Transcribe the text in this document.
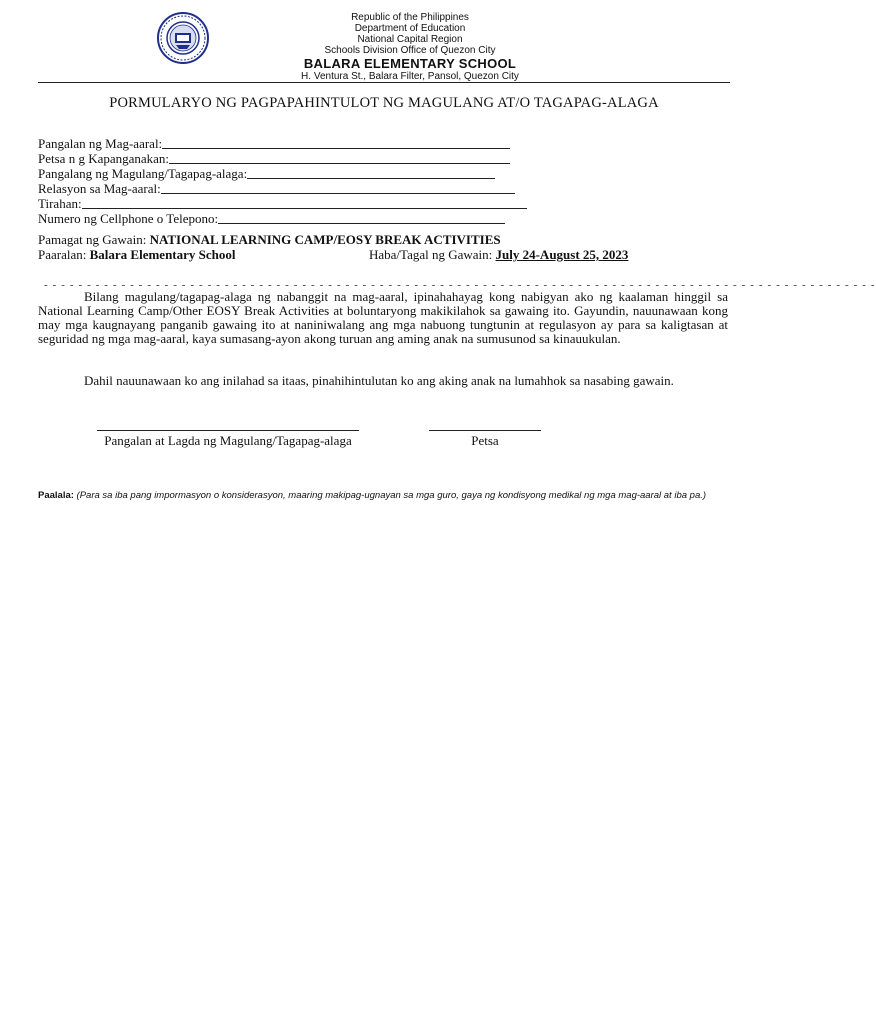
Republic of the Philippines
Department of Education
National Capital Region
Schools Division Office of Quezon City
BALARA ELEMENTARY SCHOOL
H. Ventura St., Balara Filter, Pansol, Quezon City
PORMULARYO NG PAGPAPAHINTULOT NG MAGULANG AT/O TAGAPAG-ALAGA
Pangalan ng Mag-aaral:
Petsa n g Kapanganakan:
Pangalang ng Magulang/Tagapag-alaga:
Relasyon sa Mag-aaral:
Tirahan:
Numero ng Cellphone o Telepono:
Pamagat ng Gawain: NATIONAL LEARNING CAMP/EOSY BREAK ACTIVITIES
Paaralan: Balara Elementary School	Haba/Tagal ng Gawain: July 24-August 25, 2023
- - - - - - - - - - - - - - - - - - - - - - - - - - - - - - - - - - - - - - - - - - - - - - - - - - - - - - - - - - - - - - - - - - - - - - - - - - - - - - - - - - - - - - - - - - - - - - - - -
Bilang magulang/tagapag-alaga ng nabanggit na mag-aaral, ipinahahayag kong nabigyan ako ng kaalaman hinggil sa National Learning Camp/Other EOSY Break Activities at boluntaryong makikilahok sa gawaing ito. Gayundin, nauunawaan kong may mga kaugnayang panganib gawaing ito at naniniwalang ang mga nabuong tungtunin at regulasyon ay para sa kaligtasan at seguridad ng mga mag-aaral, kaya sumasang-ayon akong turuan ang aming anak na sumusunod sa kinauukulan.
Dahil nauunawaan ko ang inilahad sa itaas, pinahihintulutan ko ang aking anak na lumahhok sa nasabing gawain.
Pangalan at Lagda ng Magulang/Tagapag-alaga	Petsa
Paalala: (Para sa iba pang impormasyon o konsiderasyon, maaring makipag-ugnayan sa mga guro, gaya ng kondisyong medikal ng mga mag-aaral at iba pa.)
